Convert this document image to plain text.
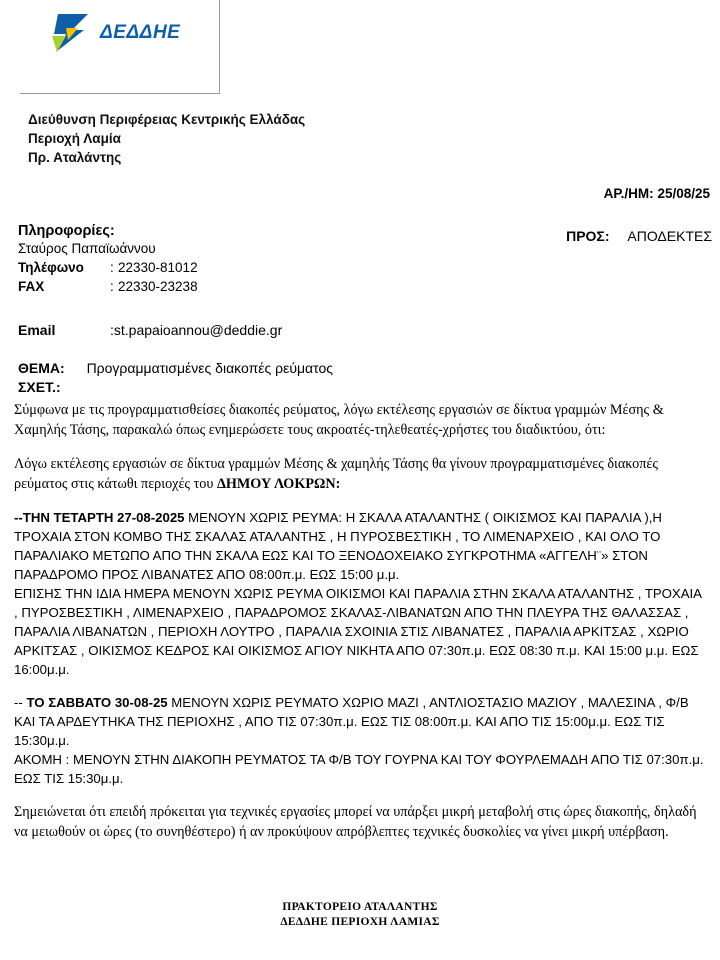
ΔΕΔΔΗΕ
Διεύθυνση Περιφέρειας Κεντρικής Ελλάδας
Περιοχή Λαμία
Πρ. Αταλάντης
ΑΡ./ΗΜ: 25/08/25
Πληροφορίες:
Σταύρος Παπαϊωάννου
Τηλέφωνο	: 22330-81012
FAX	: 22330-23238
Email	: st.papaioannou@deddie.gr
ΠΡΟΣ: ΑΠΟΔΕΚΤΕΣ
ΘΕΜΑ: Προγραμματισμένες διακοπές ρεύματος
ΣΧΕΤ.:

Σύμφωνα με τις προγραμματισθείσες διακοπές ρεύματος, λόγω εκτέλεσης εργασιών σε δίκτυα γραμμών Μέσης & Χαμηλής Τάσης, παρακαλώ όπως ενημερώσετε τους ακροατές-τηλεθεατές-χρήστες του διαδικτύου, ότι:

Λόγω εκτέλεσης εργασιών σε δίκτυα γραμμών Μέσης & χαμηλής Τάσης θα γίνουν προγραμματισμένες διακοπές ρεύματος στις κάτωθι περιοχές του ΔΗΜΟΥ ΛΟΚΡΩΝ:

--ΤΗΝ ΤΕΤΑΡΤΗ 27-08-2025 ΜΕΝΟΥΝ ΧΩΡΙΣ ΡΕΥΜΑ: Η ΣΚΑΛΑ ΑΤΑΛΑΝΤΗΣ ( ΟΙΚΙΣΜΟΣ ΚΑΙ ΠΑΡΑΛΙΑ ),Η ΤΡΟΧΑΙΑ ΣΤΟΝ ΚΟΜΒΟ ΤΗΣ ΣΚΑΛΑΣ ΑΤΑΛΑΝΤΗΣ , Η ΠΥΡΟΣΒΕΣΤΙΚΗ , ΤΟ ΛΙΜΕΝΑΡΧΕΙΟ , ΚΑΙ ΟΛΟ ΤΟ ΠΑΡΑΛΙΑΚΟ ΜΕΤΩΠΟ ΑΠΟ ΤΗΝ ΣΚΑΛΑ ΕΩΣ ΚΑΙ ΤΟ ΞΕΝΟΔΟΧΕΙΑΚΟ ΣΥΓΚΡΟΤΗΜΑ «ΑΓΓΕΛΗ¨» ΣΤΟΝ ΠΑΡΑΔΡΟΜΟ ΠΡΟΣ ΛΙΒΑΝΑΤΕΣ ΑΠΟ 08:00π.μ. ΕΩΣ 15:00 μ.μ.

ΕΠΙΣΗΣ ΤΗΝ ΙΔΙΑ ΗΜΕΡΑ ΜΕΝΟΥΝ ΧΩΡΙΣ ΡΕΥΜΑ ΟΙΚΙΣΜΟΙ ΚΑΙ ΠΑΡΑΛΙΑ ΣΤΗΝ ΣΚΑΛΑ ΑΤΑΛΑΝΤΗΣ , ΤΡΟΧΑΙΑ , ΠΥΡΟΣΒΕΣΤΙΚΗ , ΛΙΜΕΝΑΡΧΕΙΟ , ΠΑΡΑΔΡΟΜΟΣ ΣΚΑΛΑΣ-ΛΙΒΑΝΑΤΩΝ ΑΠΟ ΤΗΝ ΠΛΕΥΡΑ ΤΗΣ ΘΑΛΑΣΣΑΣ , ΠΑΡΑΛΙΑ ΛΙΒΑΝΑΤΩΝ , ΠΕΡΙΟΧΗ ΛΟΥΤΡΟ , ΠΑΡΑΛΙΑ ΣΧΟΙΝΙΑ ΣΤΙΣ ΛΙΒΑΝΑΤΕΣ , ΠΑΡΑΛΙΑ ΑΡΚΙΤΣΑΣ , ΧΩΡΙΟ ΑΡΚΙΤΣΑΣ , ΟΙΚΙΣΜΟΣ ΚΕΔΡΟΣ ΚΑΙ ΟΙΚΙΣΜΟΣ ΑΓΙΟΥ ΝΙΚΗΤΑ ΑΠΟ 07:30π.μ. ΕΩΣ 08:30 π.μ. ΚΑΙ 15:00 μ.μ. ΕΩΣ 16:00μ.μ.

-- ΤΟ ΣΑΒΒΑΤΟ 30-08-25 ΜΕΝΟΥΝ ΧΩΡΙΣ ΡΕΥΜΑΤΟ ΧΩΡΙΟ ΜΑΖΙ , ΑΝΤΛΙΟΣΤΑΣΙΟ ΜΑΖΙΟΥ , ΜΑΛΕΣΙΝΑ , Φ/Β ΚΑΙ ΤΑ ΑΡΔΕΥΤΗΚΑ ΤΗΣ ΠΕΡΙΟΧΗΣ , ΑΠΟ ΤΙΣ 07:30π.μ. ΕΩΣ ΤΙΣ 08:00π.μ. ΚΑΙ ΑΠΟ ΤΙΣ 15:00μ.μ. ΕΩΣ ΤΙΣ 15:30μ.μ.

ΑΚΟΜΗ : ΜΕΝΟΥΝ ΣΤΗΝ ΔΙΑΚΟΠΗ ΡΕΥΜΑΤΟΣ ΤΑ Φ/Β ΤΟΥ ΓΟΥΡΝΑ ΚΑΙ ΤΟΥ ΦΟΥΡΛΕΜΑΔΗ ΑΠΟ ΤΙΣ 07:30π.μ. ΕΩΣ ΤΙΣ 15:30μ.μ.

Σημειώνεται ότι επειδή πρόκειται για τεχνικές εργασίες μπορεί να υπάρξει μικρή μεταβολή στις ώρες διακοπής, δηλαδή να μειωθούν οι ώρες (το συνηθέστερο) ή αν προκύψουν απρόβλεπτες τεχνικές δυσκολίες να γίνει μικρή υπέρβαση.

ΠΡΑΚΤΟΡΕΙΟ ΑΤΑΛΑΝΤΗΣ
ΔΕΔΔΗΕ ΠΕΡΙΟΧΗ ΛΑΜΙΑΣ
